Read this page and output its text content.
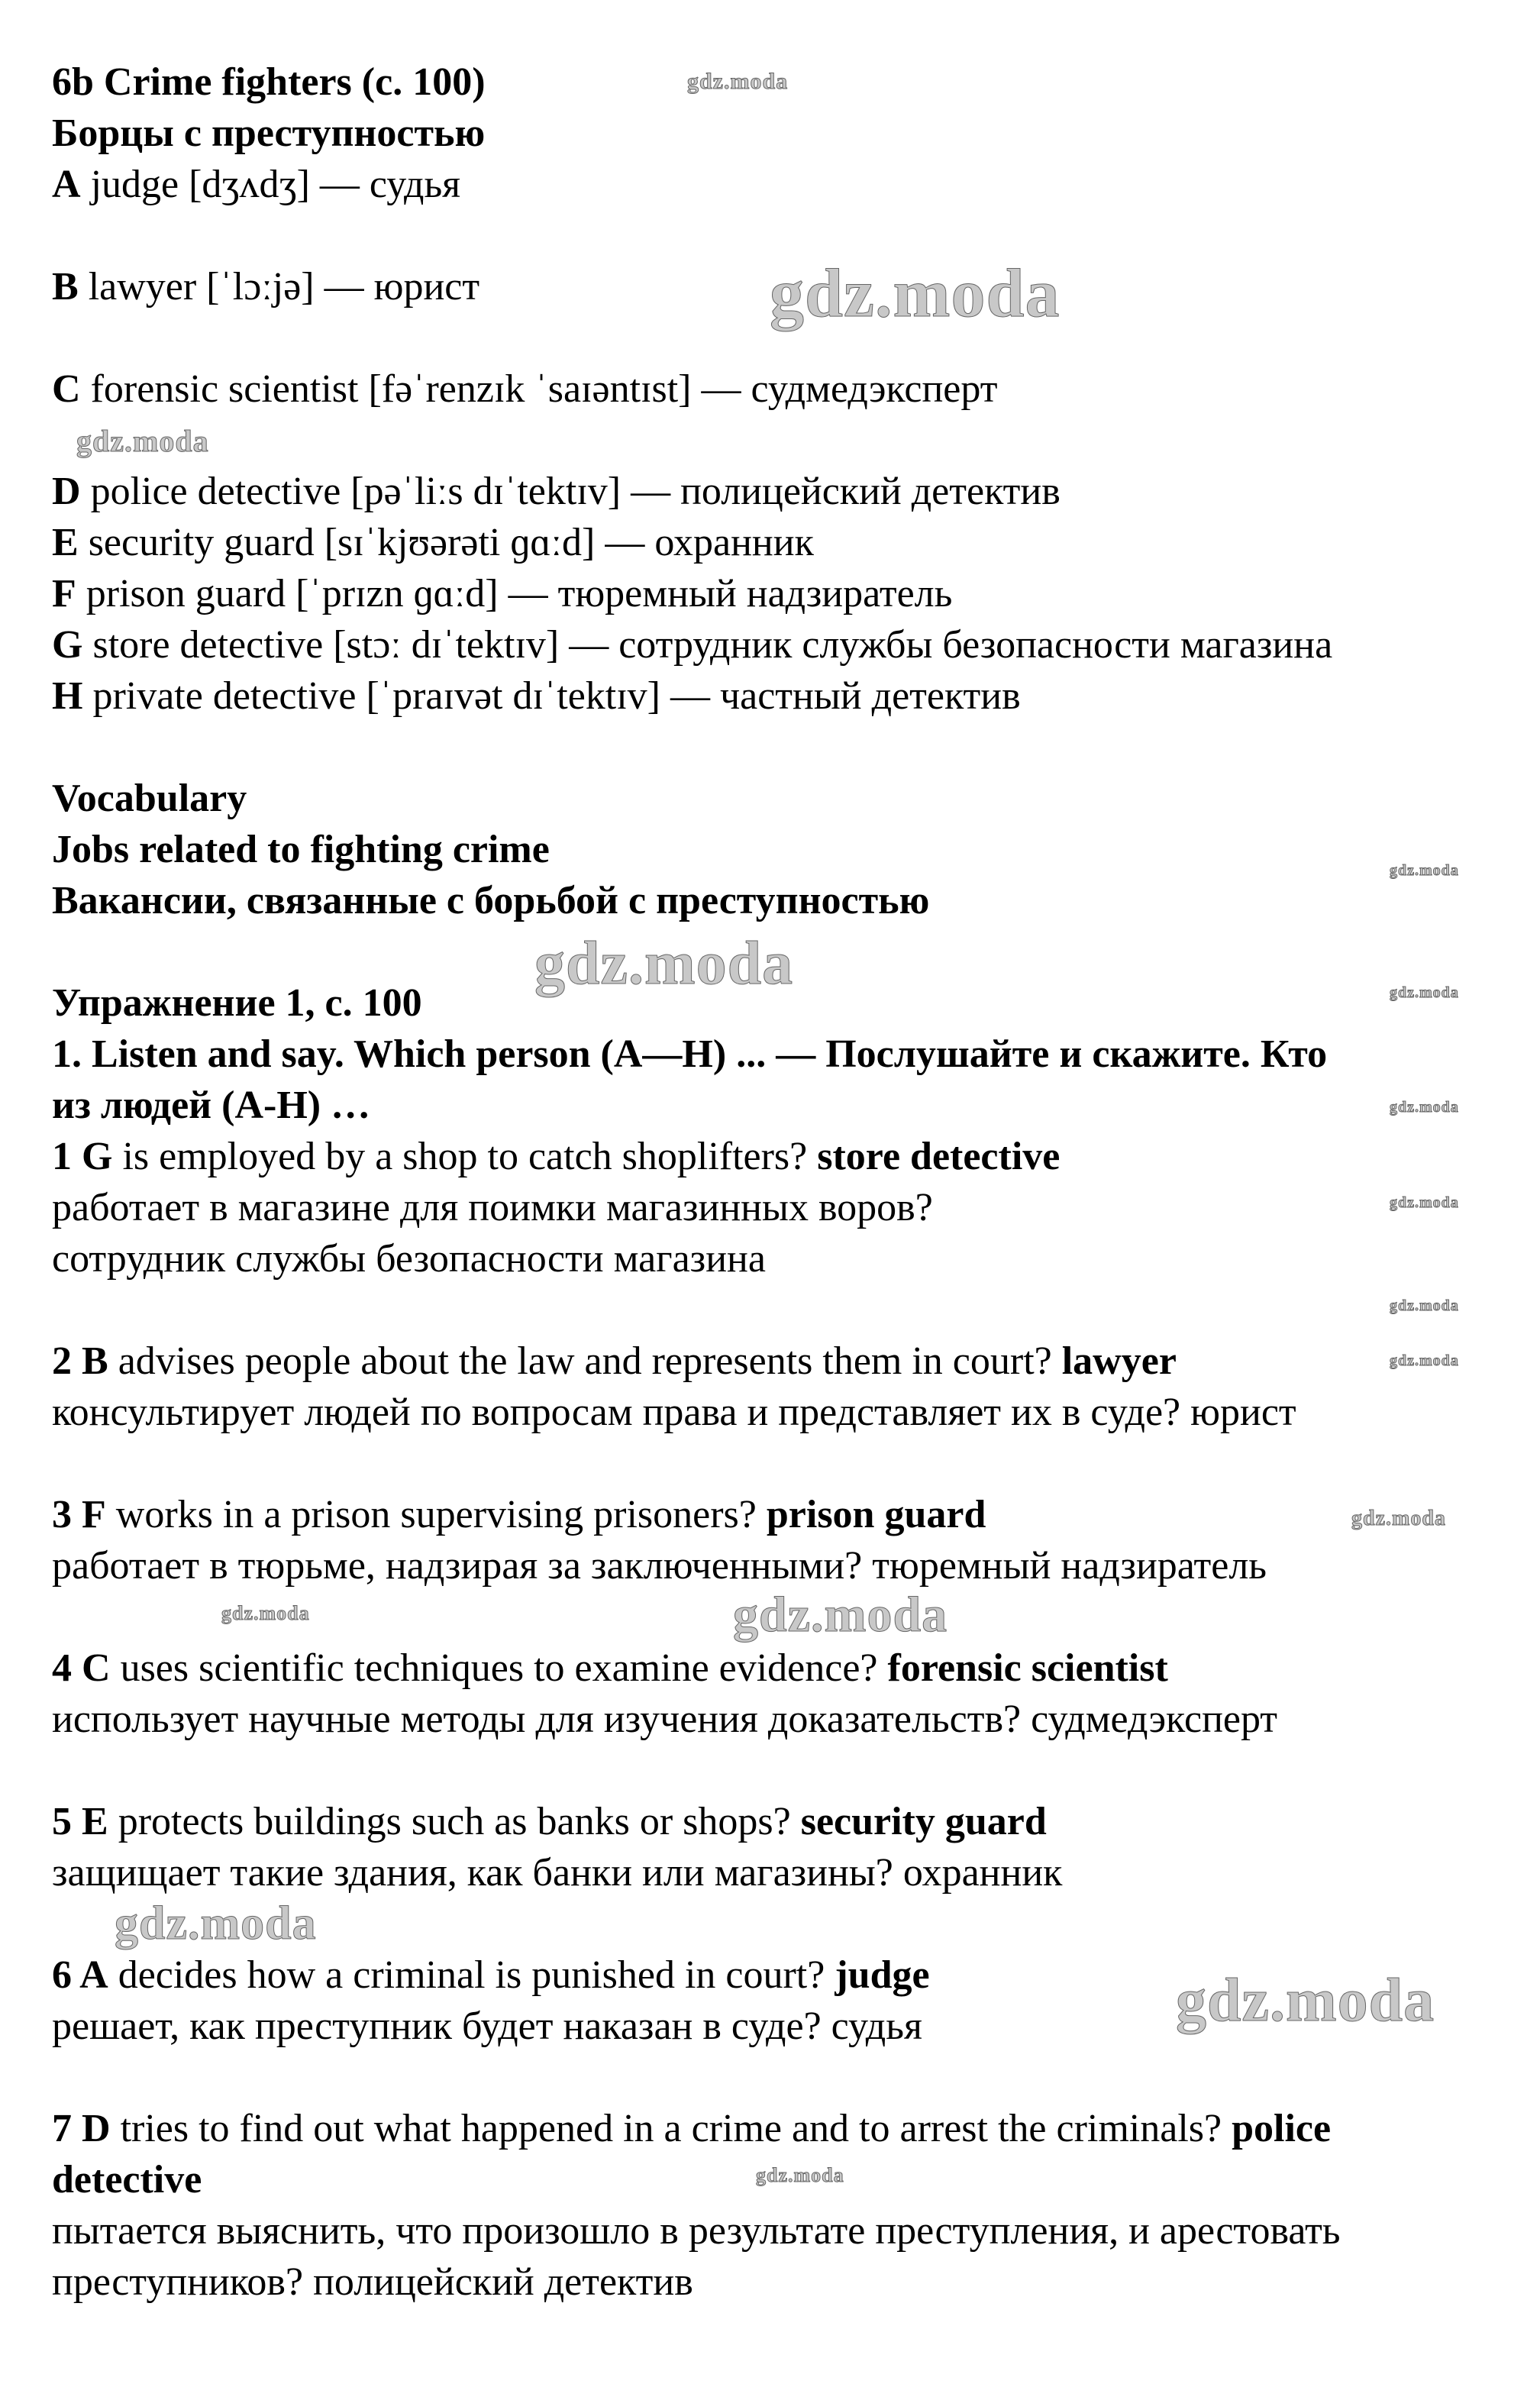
6b Crime fighters (с. 100)
Борцы с преступностью
A judge [dʒʌdʒ] — судья

B lawyer [ˈlɔːjə] — юрист

C forensic scientist [fəˈrenzɪk ˈsaɪəntɪst] — судмедэксперт

D police detective [pəˈliːs dɪˈtektɪv] — полицейский детектив
E security guard [sɪˈkjʊərəti ɡɑːd] — охранник
F prison guard [ˈprɪzn ɡɑːd] — тюремный надзиратель
G store detective [stɔː dɪˈtektɪv] — сотрудник службы безопасности магазина
H private detective [ˈpraɪvət dɪˈtektɪv] — частный детектив

Vocabulary
Jobs related to fighting crime
Вакансии, связанные с борьбой с преступностью

Упражнение 1, с. 100
1. Listen and say. Which person (A—H) ... — Послушайте и скажите. Кто
из людей (A-H) …
1 G is employed by a shop to catch shoplifters? store detective
работает в магазине для поимки магазинных воров?
сотрудник службы безопасности магазина

2 B advises people about the law and represents them in court? lawyer
консультирует людей по вопросам права и представляет их в суде? юрист

3 F works in a prison supervising prisoners? prison guard
работает в тюрьме, надзирая за заключенными? тюремный надзиратель

4 C uses scientific techniques to examine evidence? forensic scientist
использует научные методы для изучения доказательств? судмедэксперт

5 E protects buildings such as banks or shops? security guard
защищает такие здания, как банки или магазины? охранник

6 A decides how a criminal is punished in court? judge
решает, как преступник будет наказан в суде? судья

7 D tries to find out what happened in a crime and to arrest the criminals? police
detective
пытается выяснить, что произошло в результате преступления, и арестовать
преступников? полицейский детектив
gdz.moda
gdz.moda
gdz.moda
gdz.moda
gdz.moda
gdz.moda
gdz.moda
gdz.moda
gdz.moda
gdz.moda
gdz.moda
gdz.moda	gdz.moda
gdz.moda
gdz.moda
gdz.moda
